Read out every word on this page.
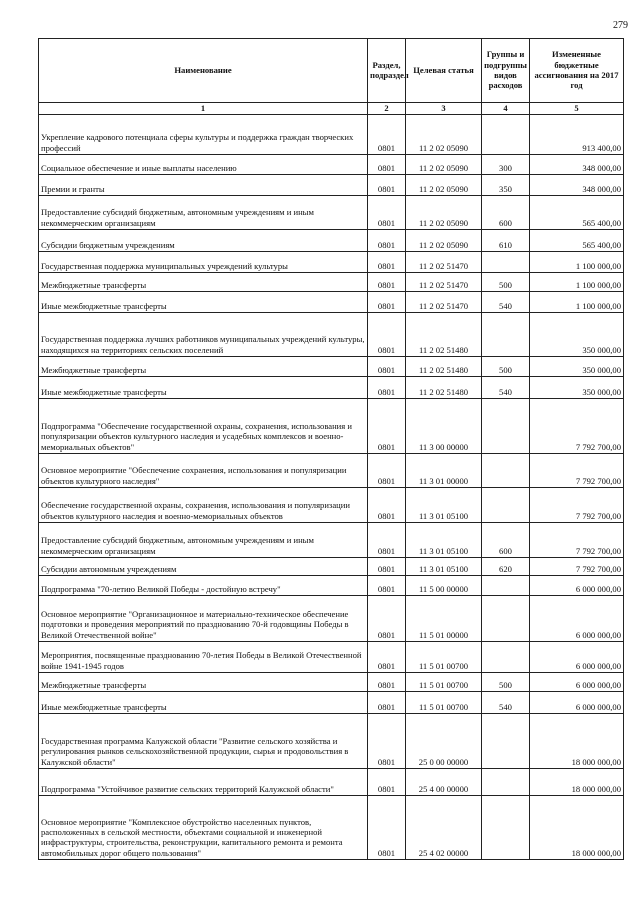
279
Наименование	Раздел, подраздел	Целевая статья	Группы и подгруппы видов расходов	Измененные бюджетные ассигнования на 2017 год
1	2	3	4	5
Укрепление кадрового потенциала сферы культуры и поддержка граждан творческих профессий	0801	11 2 02 05090		913 400,00
Социальное обеспечение и иные выплаты населению	0801	11 2 02 05090	300	348 000,00
Премии и гранты	0801	11 2 02 05090	350	348 000,00
Предоставление субсидий бюджетным, автономным учреждениям и иным некоммерческим организациям	0801	11 2 02 05090	600	565 400,00
Субсидии бюджетным учреждениям	0801	11 2 02 05090	610	565 400,00
Государственная поддержка муниципальных учреждений культуры	0801	11 2 02 51470		1 100 000,00
Межбюджетные трансферты	0801	11 2 02 51470	500	1 100 000,00
Иные межбюджетные трансферты	0801	11 2 02 51470	540	1 100 000,00
Государственная поддержка лучших работников муниципальных учреждений культуры, находящихся на территориях сельских поселений	0801	11 2 02 51480		350 000,00
Межбюджетные трансферты	0801	11 2 02 51480	500	350 000,00
Иные межбюджетные трансферты	0801	11 2 02 51480	540	350 000,00
Подпрограмма "Обеспечение государственной охраны, сохранения, использования и популяризации объектов культурного наследия и усадебных комплексов и военно-мемориальных объектов"	0801	11 3 00 00000		7 792 700,00
Основное мероприятие "Обеспечение сохранения, использования и популяризации объектов культурного наследия"	0801	11 3 01 00000		7 792 700,00
Обеспечение государственной охраны, сохранения, использования и популяризации объектов культурного наследия и военно-мемориальных объектов	0801	11 3 01 05100		7 792 700,00
Предоставление субсидий бюджетным, автономным учреждениям и иным некоммерческим организациям	0801	11 3 01 05100	600	7 792 700,00
Субсидии автономным учреждениям	0801	11 3 01 05100	620	7 792 700,00
Подпрограмма "70-летию Великой Победы - достойную встречу"	0801	11 5 00 00000		6 000 000,00
Основное мероприятие "Организационное и материально-техническое обеспечение подготовки и проведения мероприятий по празднованию 70-й годовщины Победы в Великой Отечественной войне"	0801	11 5 01 00000		6 000 000,00
Мероприятия, посвященные празднованию 70-летия Победы в Великой Отечественной войне 1941-1945 годов	0801	11 5 01 00700		6 000 000,00
Межбюджетные трансферты	0801	11 5 01 00700	500	6 000 000,00
Иные межбюджетные трансферты	0801	11 5 01 00700	540	6 000 000,00
Государственная программа Калужской области "Развитие сельского хозяйства и регулирования рынков сельскохозяйственной продукции, сырья и продовольствия в Калужской области"	0801	25 0 00 00000		18 000 000,00
Подпрограмма "Устойчивое развитие сельских территорий Калужской области"	0801	25 4 00 00000		18 000 000,00
Основное мероприятие "Комплексное обустройство населенных пунктов, расположенных в сельской местности, объектами социальной и инженерной инфраструктуры, строительства, реконструкции, капитального ремонта и ремонта автомобильных дорог общего пользования"	0801	25 4 02 00000		18 000 000,00
